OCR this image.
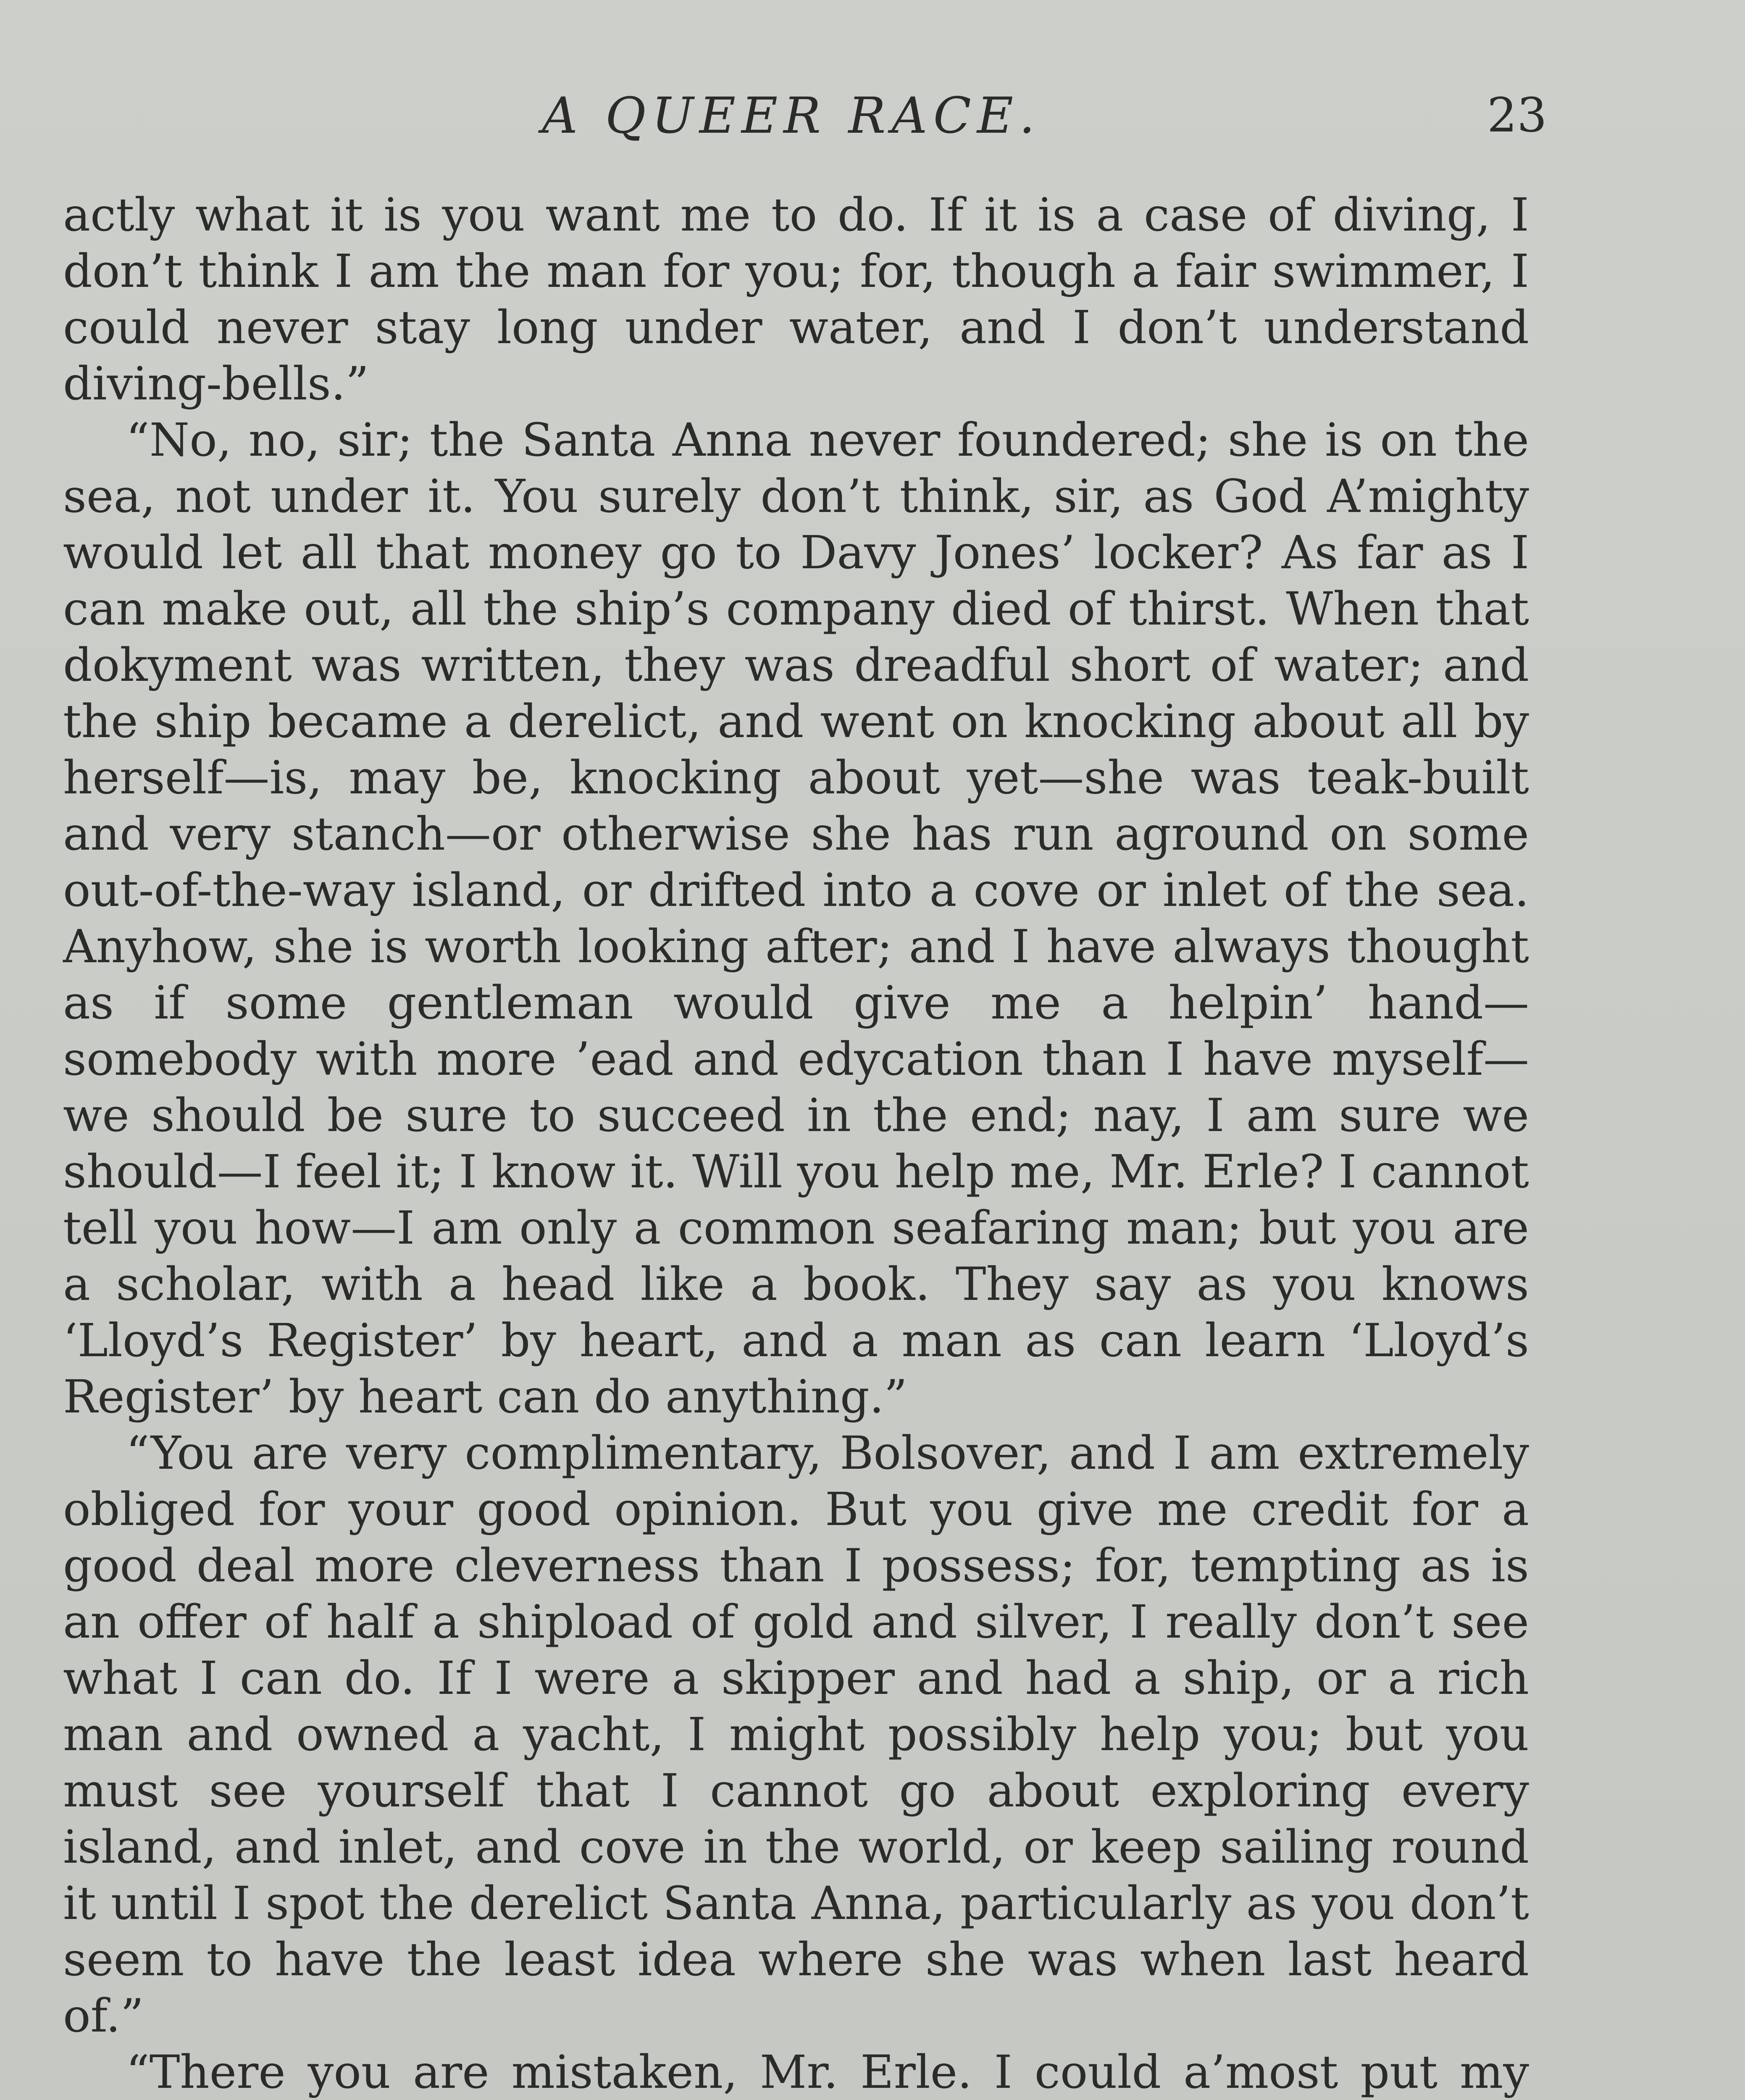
A QUEER RACE.	23

actly what it is you want me to do. If it is a case of diving, I don’t think I am the man for you; for, though a fair swimmer, I could never stay long under water, and I don’t understand diving-bells.”

“No, no, sir; the Santa Anna never foundered; she is on the sea, not under it. You surely don’t think, sir, as God A’mighty would let all that money go to Davy Jones’ locker? As far as I can make out, all the ship’s company died of thirst. When that dokyment was written, they was dreadful short of water; and the ship became a derelict, and went on knocking about all by herself—is, may be, knocking about yet—she was teak-built and very stanch—or otherwise she has run aground on some out-of-the-way island, or drifted into a cove or inlet of the sea. Anyhow, she is worth looking after; and I have always thought as if some gentleman would give me a helpin’ hand—somebody with more ’ead and edycation than I have myself—we should be sure to succeed in the end; nay, I am sure we should—I feel it; I know it. Will you help me, Mr. Erle? I cannot tell you how—I am only a common seafaring man; but you are a scholar, with a head like a book. They say as you knows ‘Lloyd’s Register’ by heart, and a man as can learn ‘Lloyd’s Register’ by heart can do anything.”

“You are very complimentary, Bolsover, and I am extremely obliged for your good opinion. But you give me credit for a good deal more cleverness than I possess; for, tempting as is an offer of half a shipload of gold and silver, I really don’t see what I can do. If I were a skipper and had a ship, or a rich man and owned a yacht, I might possibly help you; but you must see yourself that I cannot go about exploring every island, and inlet, and cove in the world, or keep sailing round it until I spot the derelict Santa Anna, particularly as you don’t seem to have the least idea where she was when last heard of.”

“There you are mistaken, Mr. Erle. I could a’most put my
